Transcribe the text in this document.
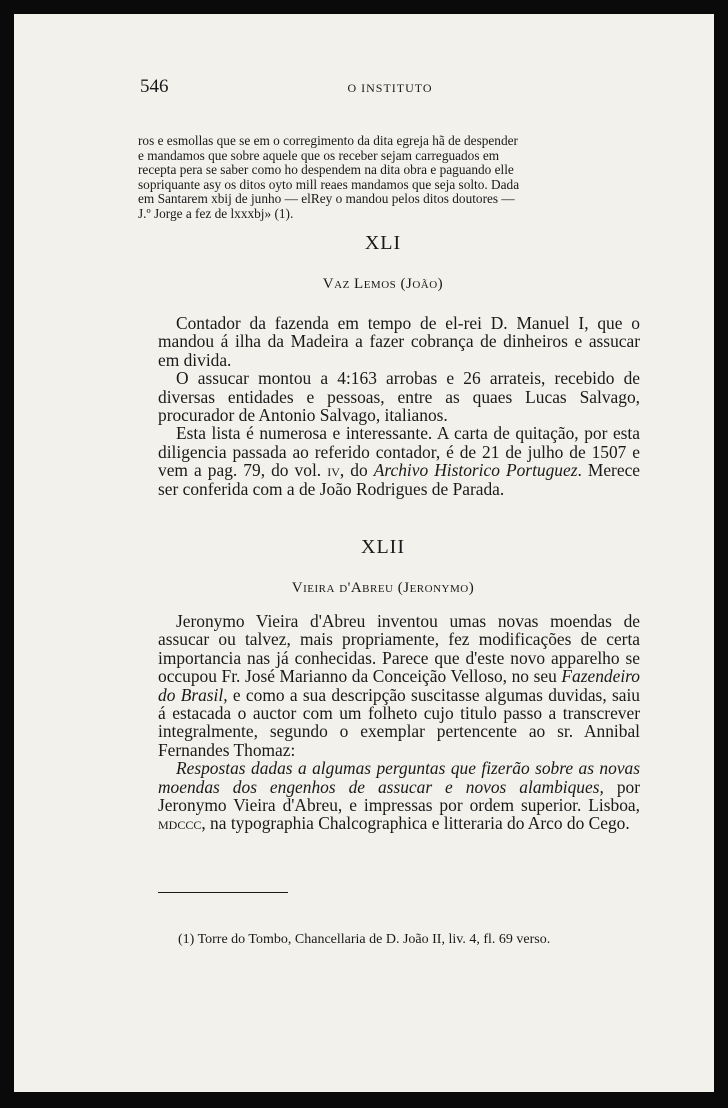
546	O INSTITUTO
ros e esmollas que se em o corregimento da dita egreja hã de despender
e mandamos que sobre aquele que os receber sejam carreguados em
recepta pera se saber como ho despendem na dita obra e paguando elle
sopriquante asy os ditos oyto mill reaes mandamos que seja solto. Dada
em Santarem xbij de junho — elRey o mandou pelos ditos doutores —
J.º Jorge a fez de lxxxbj» (1).
XLI
Vaz Lemos (João)

Contador da fazenda em tempo de el-rei D. Manuel I, que o mandou á ilha da Madeira a fazer cobrança de dinheiros e assucar em divida.

O assucar montou a 4:163 arrobas e 26 arrateis, recebido de diversas entidades e pessoas, entre as quaes Lucas Salvago, procurador de Antonio Salvago, italianos.

Esta lista é numerosa e interessante. A carta de quitação, por esta diligencia passada ao referido contador, é de 21 de julho de 1507 e vem a pag. 79, do vol. iv, do Archivo Historico Portuguez. Merece ser conferida com a de João Rodrigues de Parada.

XLII
Vieira d'Abreu (Jeronymo)

Jeronymo Vieira d'Abreu inventou umas novas moendas de assucar ou talvez, mais propriamente, fez modificações de certa importancia nas já conhecidas. Parece que d'este novo apparelho se occupou Fr. José Marianno da Conceição Velloso, no seu Fazendeiro do Brasil, e como a sua descripção suscitasse algumas duvidas, saiu á estacada o auctor com um folheto cujo titulo passo a transcrever integralmente, segundo o exemplar pertencente ao sr. Annibal Fernandes Thomaz:

Respostas dadas a algumas perguntas que fizerão sobre as novas moendas dos engenhos de assucar e novos alambiques, por Jeronymo Vieira d'Abreu, e impressas por ordem superior. Lisboa, mdccc, na typographia Chalcographica e litteraria do Arco do Cego.

(1) Torre do Tombo, Chancellaria de D. João II, liv. 4, fl. 69 verso.
